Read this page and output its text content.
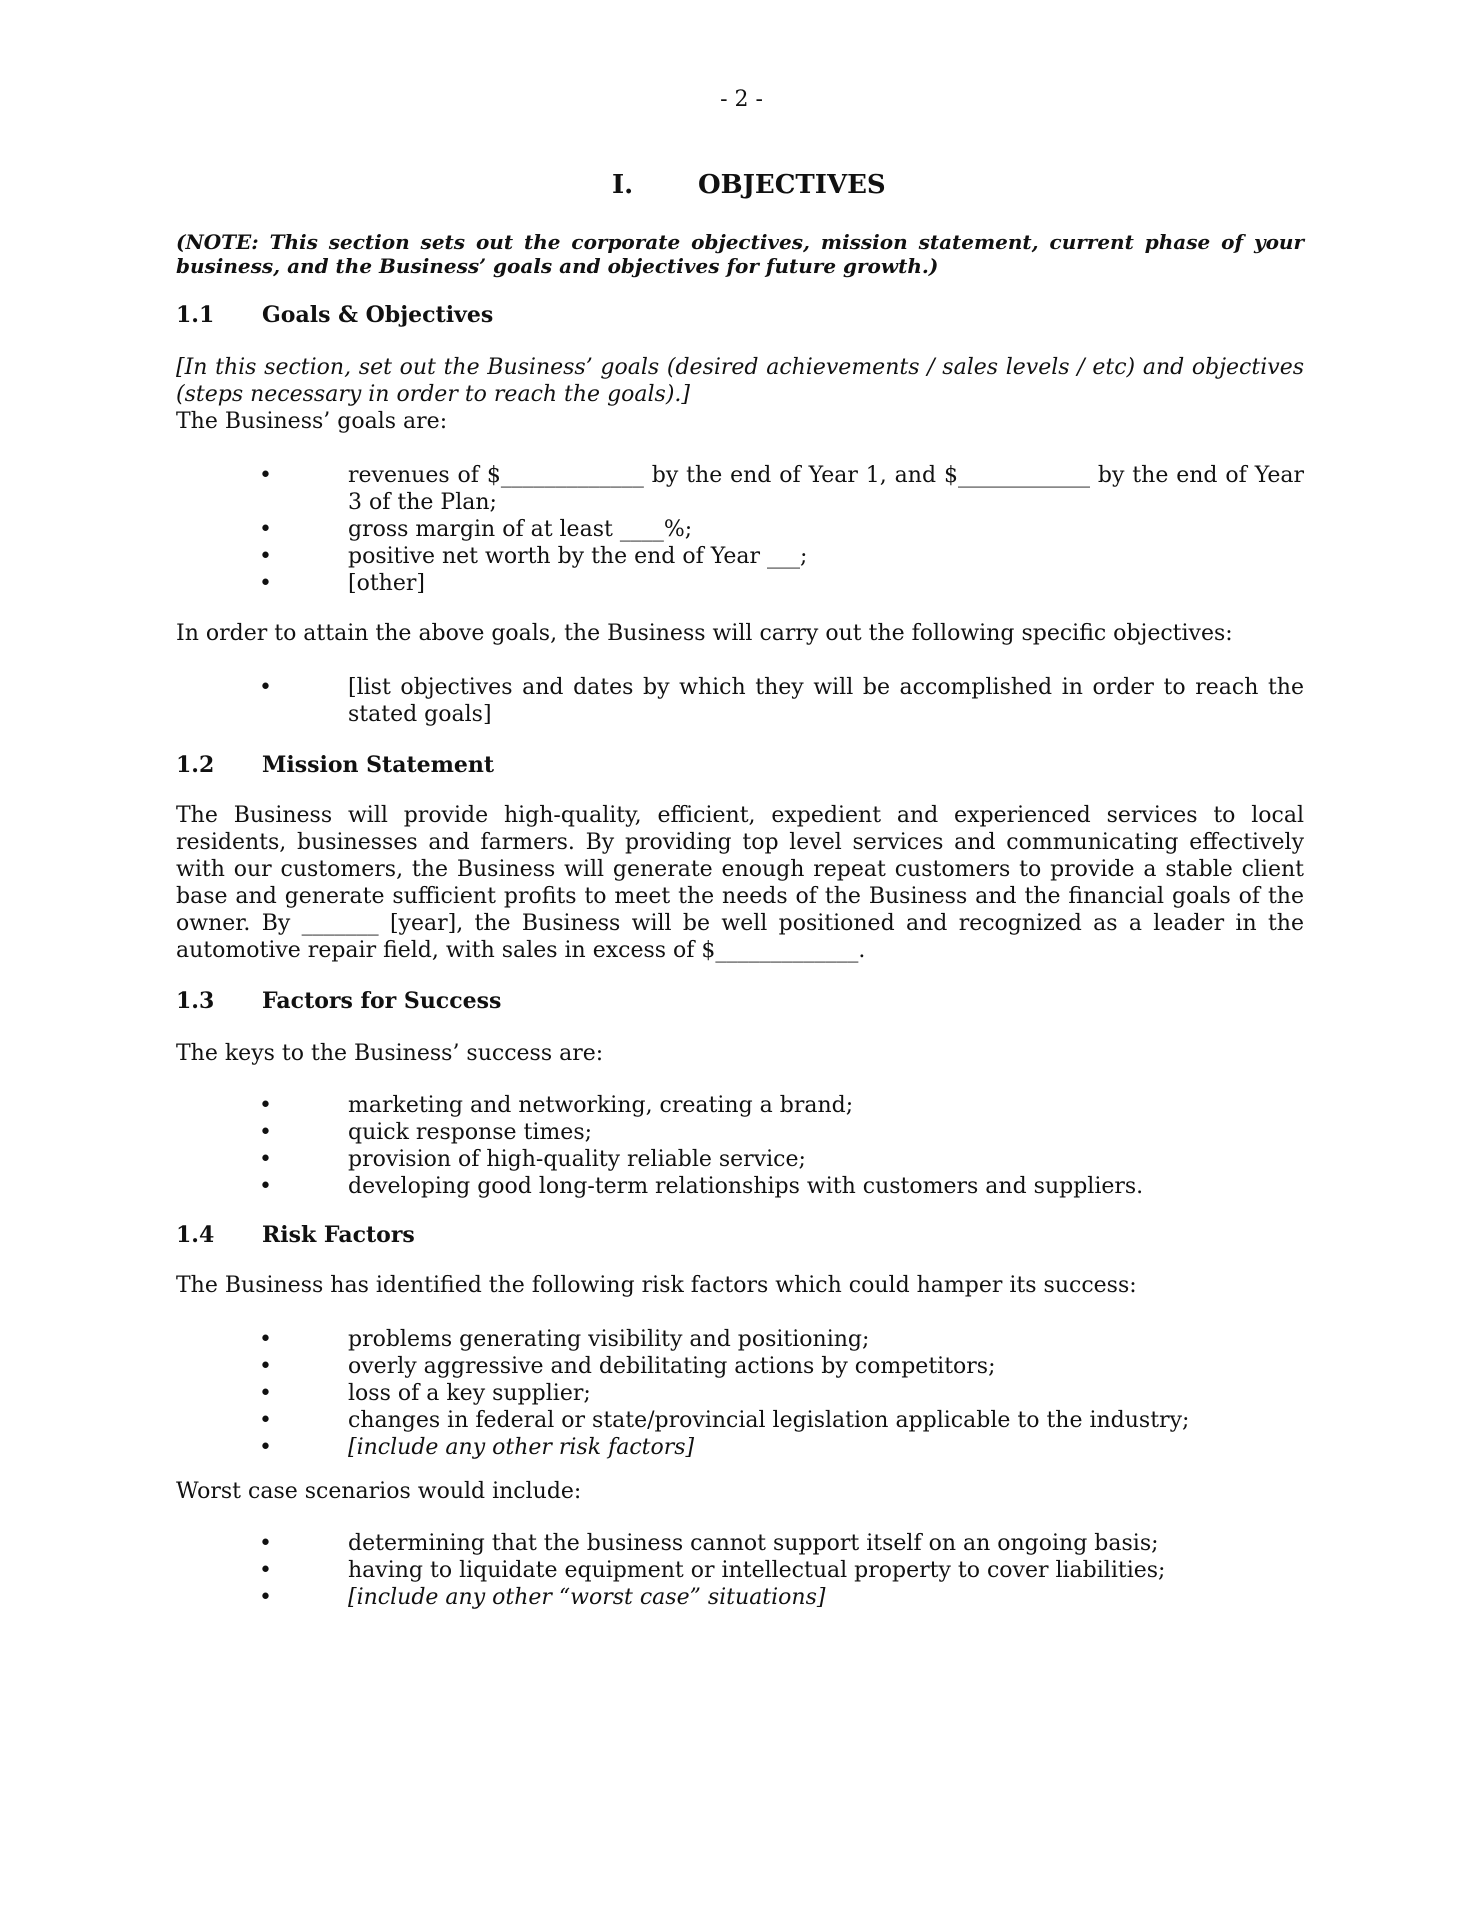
- 2 -
I. OBJECTIVES
(NOTE: This section sets out the corporate objectives, mission statement, current phase of your business, and the Business’ goals and objectives for future growth.)
1.1 Goals & Objectives
[In this section, set out the Business’ goals (desired achievements / sales levels / etc) and objectives (steps necessary in order to reach the goals).]
The Business’ goals are:
•	revenues of $_____________ by the end of Year 1, and $____________ by the end of Year 3 of the Plan;
•	gross margin of at least ____%;
•	positive net worth by the end of Year ___;
•	[other]
In order to attain the above goals, the Business will carry out the following specific objectives:
•	[list objectives and dates by which they will be accomplished in order to reach the stated goals]
1.2 Mission Statement
The Business will provide high-quality, efficient, expedient and experienced services to local residents, businesses and farmers. By providing top level services and communicating effectively with our customers, the Business will generate enough repeat customers to provide a stable client base and generate sufficient profits to meet the needs of the Business and the financial goals of the owner. By _______ [year], the Business will be well positioned and recognized as a leader in the automotive repair field, with sales in excess of $_____________.
1.3 Factors for Success
The keys to the Business’ success are:
•	marketing and networking, creating a brand;
•	quick response times;
•	provision of high-quality reliable service;
•	developing good long-term relationships with customers and suppliers.
1.4 Risk Factors
The Business has identified the following risk factors which could hamper its success:
•	problems generating visibility and positioning;
•	overly aggressive and debilitating actions by competitors;
•	loss of a key supplier;
•	changes in federal or state/provincial legislation applicable to the industry;
•	[include any other risk factors]
Worst case scenarios would include:
•	determining that the business cannot support itself on an ongoing basis;
•	having to liquidate equipment or intellectual property to cover liabilities;
•	[include any other “worst case” situations]
